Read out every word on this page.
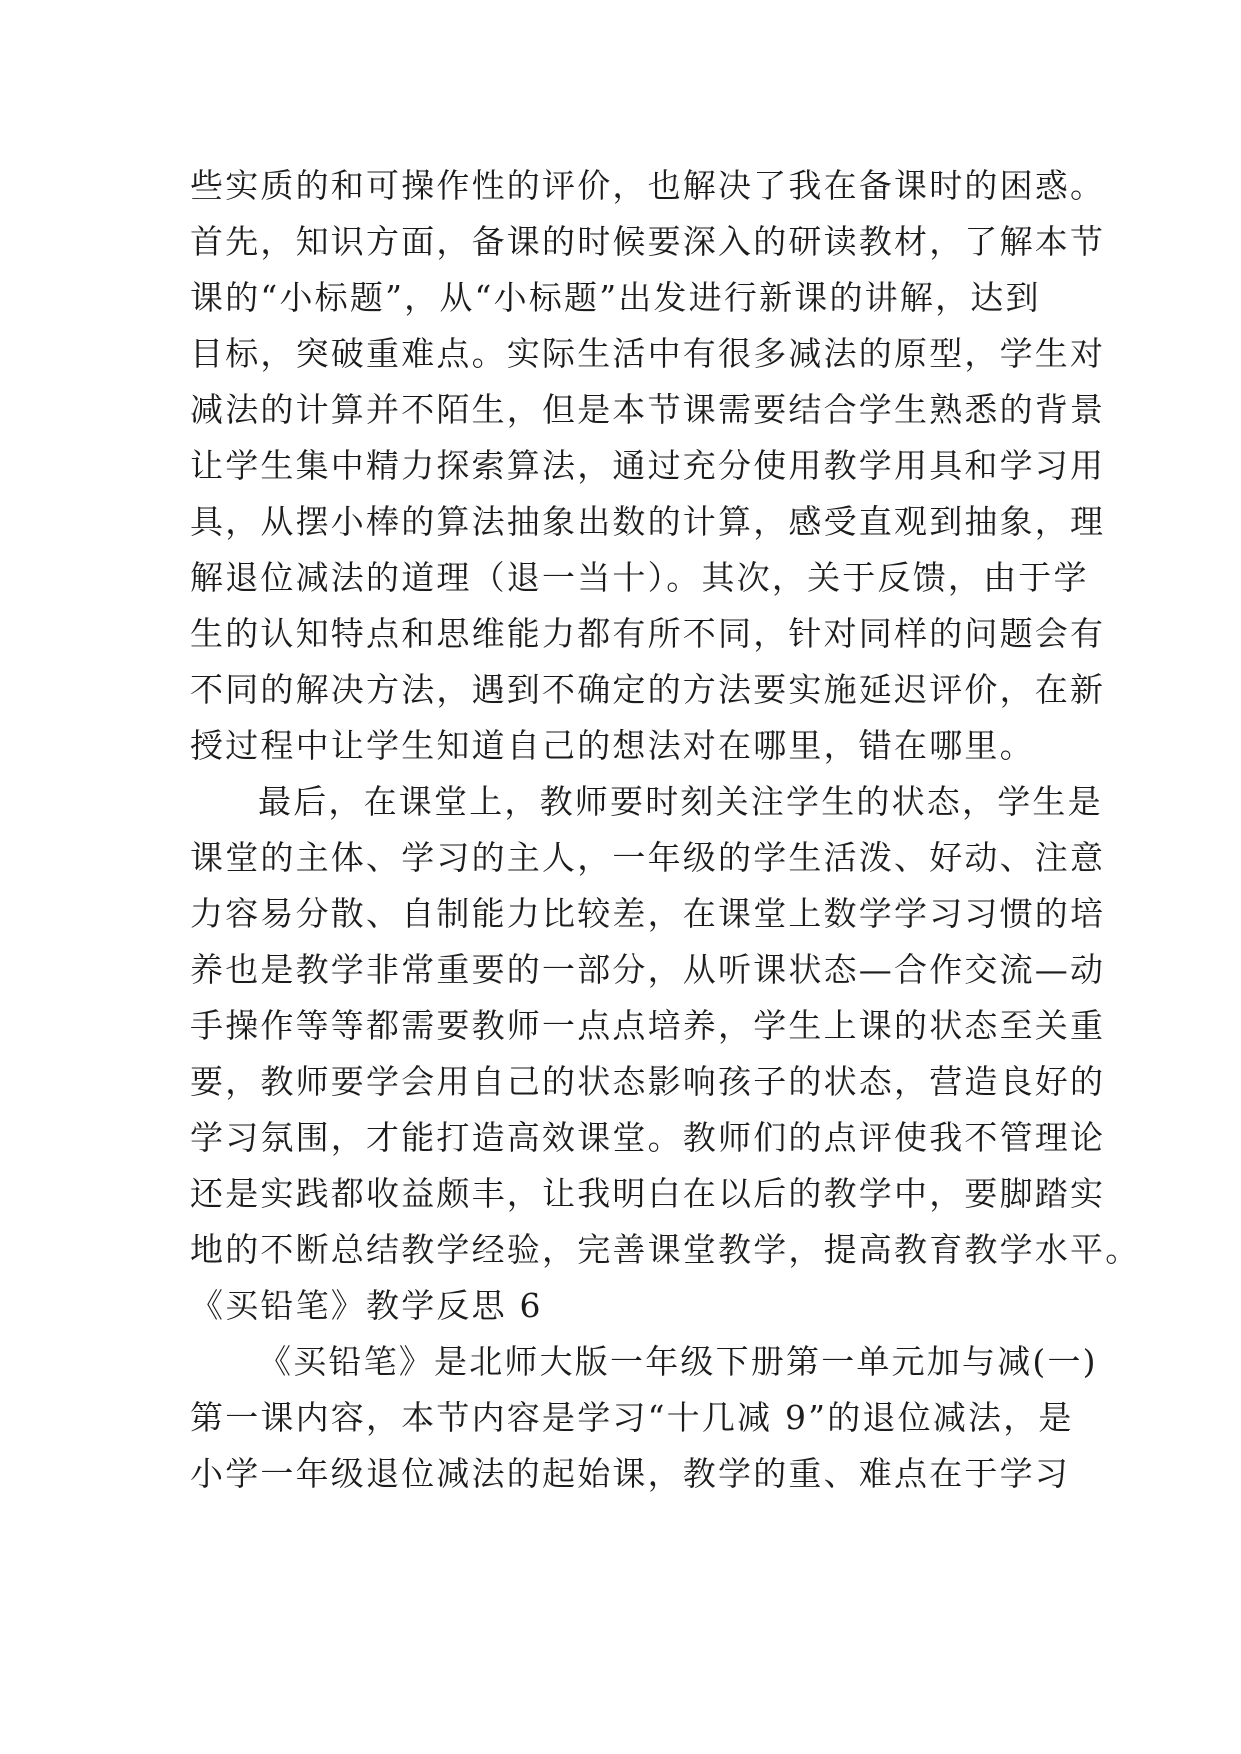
些实质的和可操作性的评价，也解决了我在备课时的困惑。
首先，知识方面，备课的时候要深入的研读教材，了解本节
课的“小标题”，从“小标题”出发进行新课的讲解，达到
目标，突破重难点。实际生活中有很多减法的原型，学生对
减法的计算并不陌生，但是本节课需要结合学生熟悉的背景
让学生集中精力探索算法，通过充分使用教学用具和学习用
具，从摆小棒的算法抽象出数的计算，感受直观到抽象，理
解退位减法的道理（退一当十）。其次，关于反馈，由于学
生的认知特点和思维能力都有所不同，针对同样的问题会有
不同的解决方法，遇到不确定的方法要实施延迟评价，在新
授过程中让学生知道自己的想法对在哪里，错在哪里。
最后，在课堂上，教师要时刻关注学生的状态，学生是
课堂的主体、学习的主人，一年级的学生活泼、好动、注意
力容易分散、自制能力比较差，在课堂上数学学习习惯的培
养也是教学非常重要的一部分，从听课状态—合作交流—动
手操作等等都需要教师一点点培养，学生上课的状态至关重
要，教师要学会用自己的状态影响孩子的状态，营造良好的
学习氛围，才能打造高效课堂。教师们的点评使我不管理论
还是实践都收益颇丰，让我明白在以后的教学中，要脚踏实
地的不断总结教学经验，完善课堂教学，提高教育教学水平。
《买铅笔》教学反思 6
《买铅笔》是北师大版一年级下册第一单元加与减(一)
第一课内容，本节内容是学习“十几减 9”的退位减法，是
小学一年级退位减法的起始课，教学的重、难点在于学习
